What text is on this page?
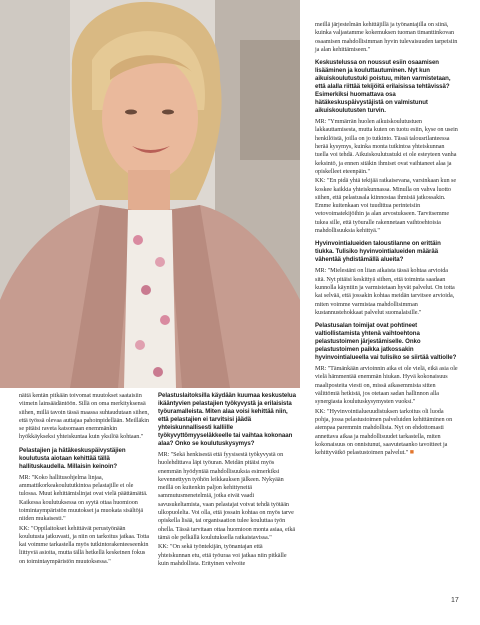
näitä kentän pitkään toivomat muutokset saataisiin viimein lainsäädäntöön. Sillä on oma merkityksensä siihen, millä tavoin tässä maassa suhtaudutaan siihen, että työssä olevaa auttajaa pahoinpidellään. Meilläkin se pitäisi raveta katsomaan enemmänkin hyökkäykseksi yhteiskuntaa kuin yksilöä kohtaan."

Pelastajien ja hätäkeskuspäivystäjien koulutusta aiotaan kehittää tällä hallituskaudella. Millaisin keinoin?

MR: "Koko hallitusohjelma linjaa, ammattikorkeakoulututkintoa pelastajille ei ole tulossa. Muut kehittämislinjat ovat vielä päättämättä. Kaikessa koulutuksessa on syytä ottaa huomioon toimintaympäristön muutokset ja muokata sisältöjä niiden mukaisesti."

KK: "Oppilaitokset kehittävät perustyönään koulutusta jatkuvasti, ja niin on tarkoitus jatkaa. Totta kai voimme tarkastella myös tutkintorakenteeseenkin liittyviä asioita, mutta tällä hetkellä keskeinen fokus on toimintaympäristön muutoksessa."

Pelastuslaitoksilla käydään kuumaa keskustelua ikääntyvien pelastajien työkyvystä ja erilaisista työuramalleista. Miten alaa voisi kehittää niin, että pelastajien ei tarvitsisi jäädä yhteiskunnallisesti kalliille työkyvyttömyyseläkkeelle tai vaihtaa kokonaan alaa? Onko se koulutuskysymys?

MR: "Sekä henkisestä että fyysisestä työkyvystä on huolehdittava läpi työuran. Meidän pitäisi myös enemmän hyödyntää mahdollisuuksia esimerkiksi kevennettyyn työhön leikkauksen jälkeen. Nykyään meillä on kuitenkin paljon kehittyneitä sammutusmenetelmiä, jotka eivät vaadi savusukeltamista, vaan pelastajat voivat tehdä työtään ulkopuolelta. Voi olla, että jossain kohtaa on myös tarve opiskella lisää, tai organisaation tulee kouluttaa työn ohella. Tässä tarvitaan ottaa huomioon monta asiaa, eikä tämä ole pelkällä koulutuksella ratkaistavissa."

KK: "On sekä työntekijän, työnantajan että yhteiskunnan etu, että työuraa voi jatkaa niin pitkälle kuin mahdollista. Erityinen velvoite

meillä järjestelmän kehittäjillä ja työnantajilla on siinä, kuinka valjastamme kokemuksen tuoman timanttinkovan osaamisen mahdollisimman hyvin tulevaisuuden tarpeisiin ja alan kehittämiseen."

Keskustelussa on noussut esiin osaamisen lisääminen ja kouluttautuminen. Nyt kun aikuiskoulutustuki poistuu, miten varmistetaan, että alalla riittää tekijöitä erilaisissa tehtävissä? Esimerkiksi huomattava osa hätäkeskuspäivystäjistä on valmistunut aikuiskoulutusten turvin.

MR: "Ymmärrän huolen aikuiskoulutustuen lakkauttamisesta, mutta kuten on tuotu esiin, kyse on usein henkilöistä, joilla on jo tutkinto. Tässä talousrilanteessa herää kysymys, kuinka monta tutkintoa yhteiskunnan tuella voi tehdä. Aikuiskoulutustuki ei ole esteyteen vanha keksintö, ja ennen sitäkin ihmiset ovat vaihtaneet alaa ja opiskelleet eteenpäin."

KK: "En pidä yhtä tekijää ratkaisevana, varsinkaan kun se koskee kaikkia yhteiskunnassa. Minulla on vahva luotto siihen, että pelastusala kiinnostaa ihmisiä jatkossakin. Emme kuitenkaan voi tuudittua perinteisiin vetovoimatekijöihin ja alan arvostukseen. Tarvitsemme tukea sille, että työuralle rakennetaan vaihtoehtoisia mahdollisuuksia kehittyä."

Hyvinvointialueiden taloustilanne on erittäin tiukka. Tulisiko hyvinvointialueiden määrää vähentää yhdistämällä alueita?

MR: "Mielestäni on liian aikaista tässä kohtaa arvioida sitä. Nyt pitäisi keskittyä siihen, että toiminta saadaan kunnolla käyntiin ja varmistetaan hyvät palvelut. On totta kai selvää, että jossakin kohtaa meidän tarvitsee arvioida, miten voimme varmistaa mahdollisimman kustannustehokkaat palvelut suomalaisille."

Pelastusalan toimijat ovat pohtineet valtiollistamista yhtenä vaihtoehtona pelastustoimen järjestämiselle. Onko pelastustoimen paikka jatkossakin hyvinvointialueella vai tulisiko se siirtää valtiolle?

MR: "Tämänkään arvioinnin aika ei ole vielä, eikä asia ole vielä hämmentää enemmän hiukan. Hyvä kokonaisuus maaliposteita viesti on, missä aikasemmista sitten välittömiä hetkistä, jos otetaan sadan hallinnon alla synergiasta koulutuskysymysten vuoksi."

KK: "Hyvinvointialueuudistuksen tarkoitus oli luoda pohja, jossa pelastustoimen palveluiden kehittäminen on aiempaa paremmin mahdollista. Nyt on ehdottomasti annettava aikaa ja mahdollisuudet tarkastella, miten kokonaisuus on onnistunut, saavutetaanko tavoitteet ja kehittyvätkö pelastustoimen palvelut." ■

17
